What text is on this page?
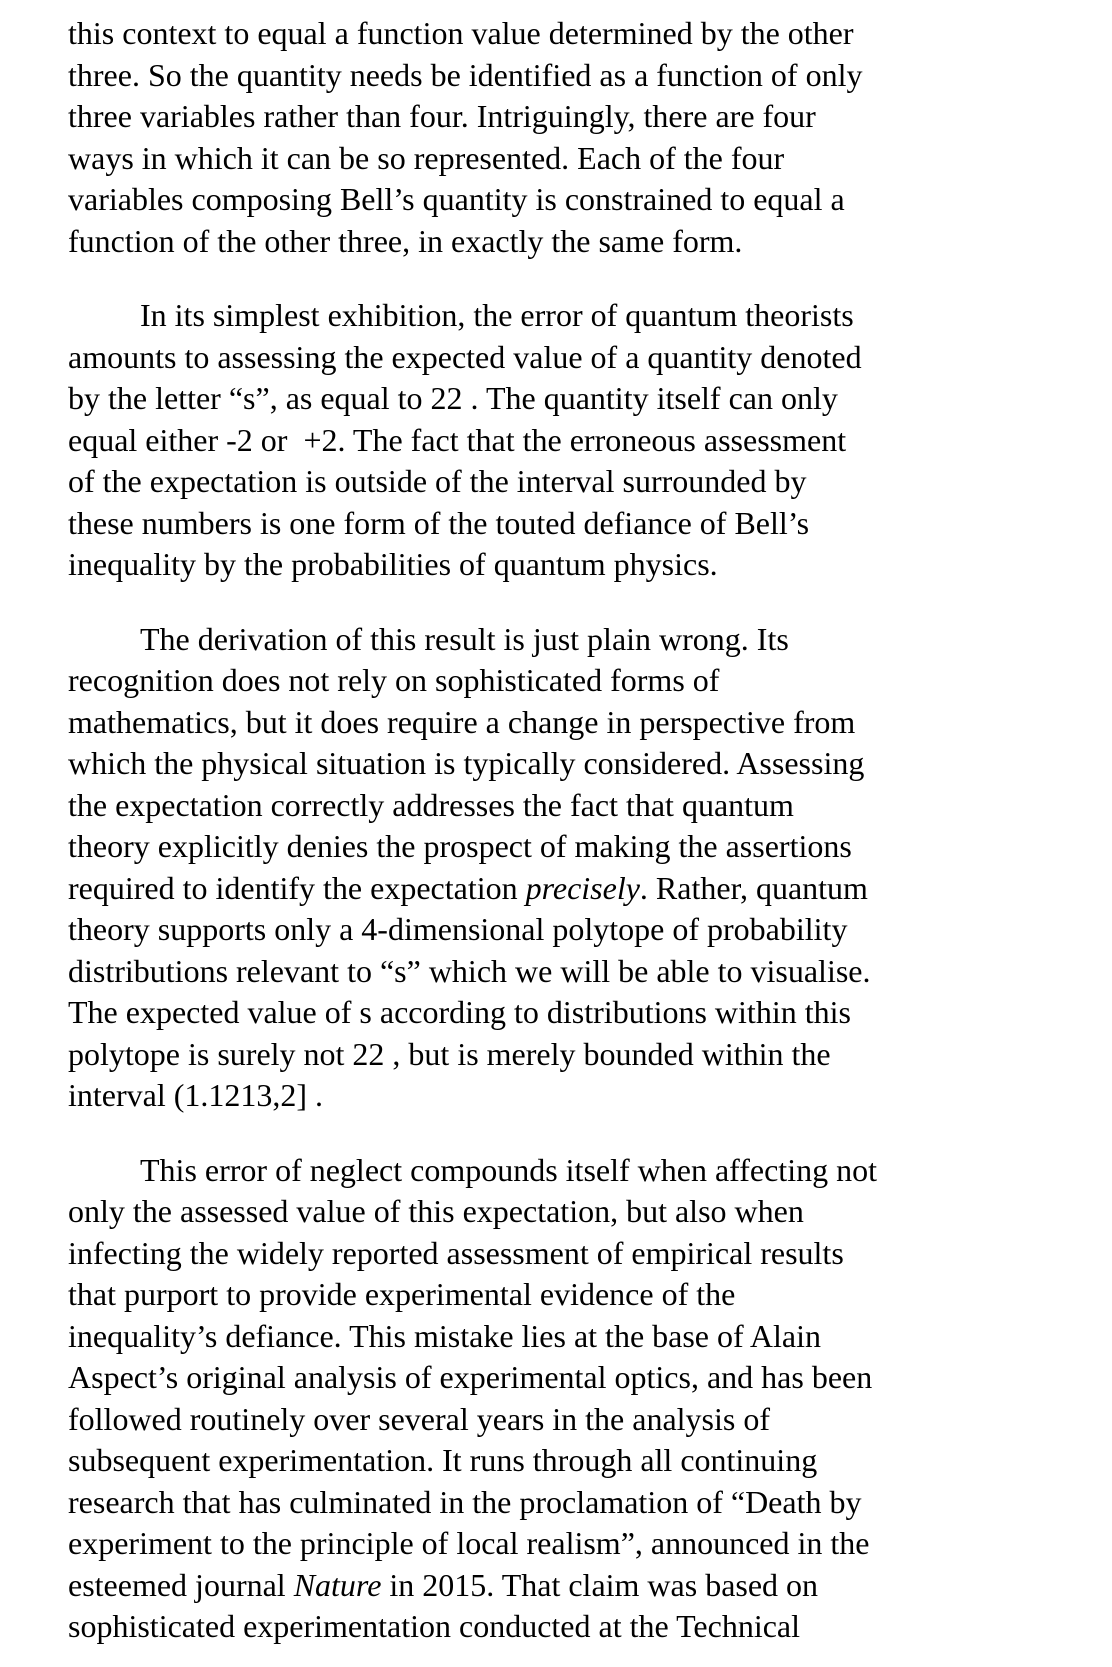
this context to equal a function value determined by the other
three. So the quantity needs be identified as a function of only
three variables rather than four. Intriguingly, there are four
ways in which it can be so represented. Each of the four
variables composing Bell’s quantity is constrained to equal a
function of the other three, in exactly the same form.
In its simplest exhibition, the error of quantum theorists
amounts to assessing the expected value of a quantity denoted
by the letter “s”, as equal to 22 . The quantity itself can only
equal either -2 or  +2. The fact that the erroneous assessment
of the expectation is outside of the interval surrounded by
these numbers is one form of the touted defiance of Bell’s
inequality by the probabilities of quantum physics.
The derivation of this result is just plain wrong. Its
recognition does not rely on sophisticated forms of
mathematics, but it does require a change in perspective from
which the physical situation is typically considered. Assessing
the expectation correctly addresses the fact that quantum
theory explicitly denies the prospect of making the assertions
required to identify the expectation precisely. Rather, quantum
theory supports only a 4-dimensional polytope of probability
distributions relevant to “s” which we will be able to visualise.
The expected value of s according to distributions within this
polytope is surely not 22 , but is merely bounded within the
interval (1.1213,2] .
This error of neglect compounds itself when affecting not
only the assessed value of this expectation, but also when
infecting the widely reported assessment of empirical results
that purport to provide experimental evidence of the
inequality’s defiance. This mistake lies at the base of Alain
Aspect’s original analysis of experimental optics, and has been
followed routinely over several years in the analysis of
subsequent experimentation. It runs through all continuing
research that has culminated in the proclamation of “Death by
experiment to the principle of local realism”, announced in the
esteemed journal Nature in 2015. That claim was based on
sophisticated experimentation conducted at the Technical
